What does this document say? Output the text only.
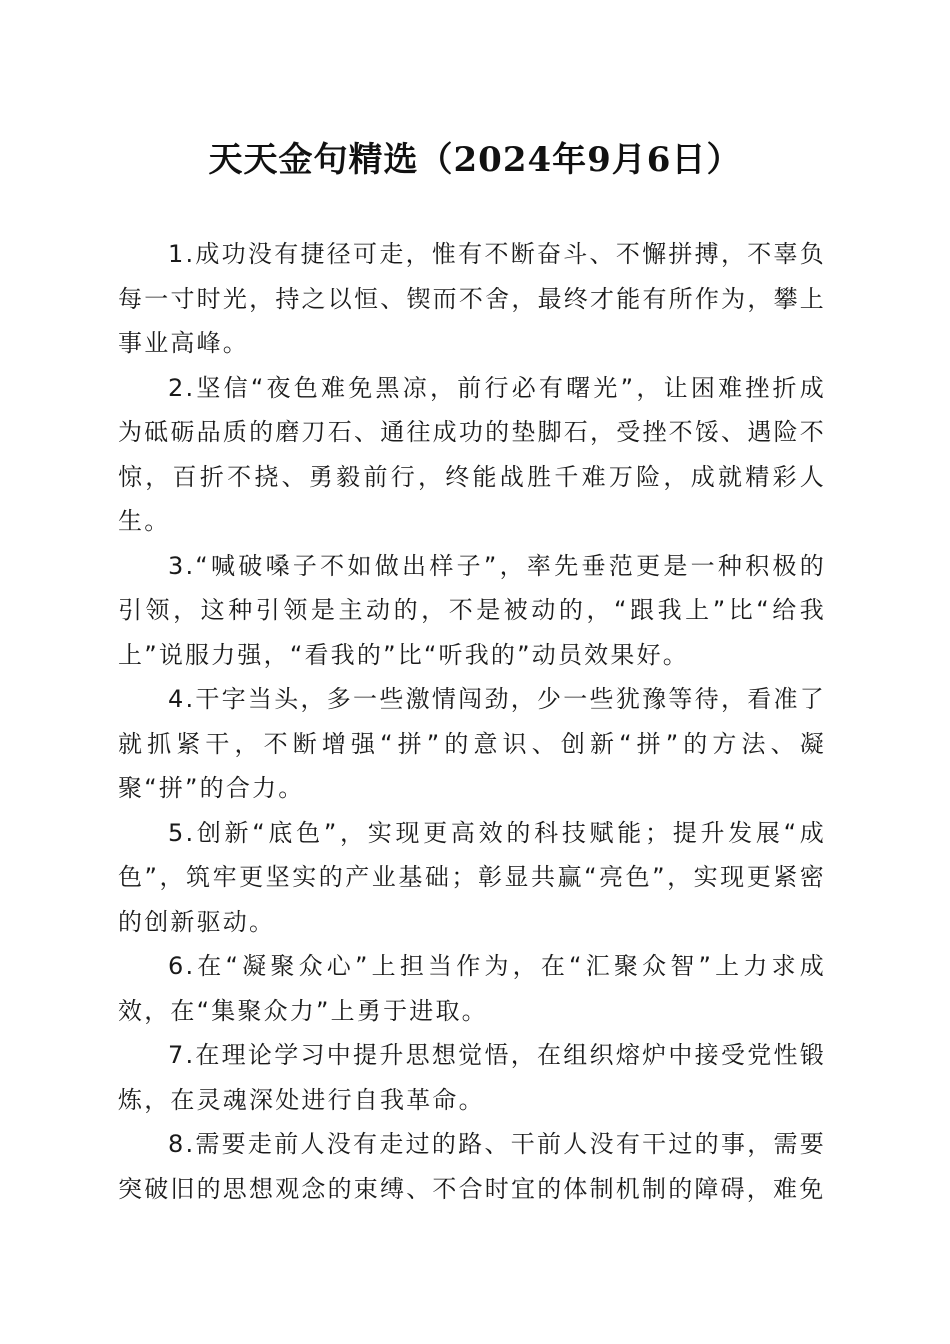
天天金句精选（2024年9月6日）

1.成功没有捷径可走，惟有不断奋斗、不懈拼搏，不辜负每一寸时光，持之以恒、锲而不舍，最终才能有所作为，攀上事业高峰。

2.坚信“夜色难免黑凉，前行必有曙光”，让困难挫折成为砥砺品质的磨刀石、通往成功的垫脚石，受挫不馁、遇险不惊，百折不挠、勇毅前行，终能战胜千难万险，成就精彩人生。

3.“喊破嗓子不如做出样子”，率先垂范更是一种积极的引领，这种引领是主动的，不是被动的，“跟我上”比“给我上”说服力强，“看我的”比“听我的”动员效果好。

4.干字当头，多一些激情闯劲，少一些犹豫等待，看准了就抓紧干，不断增强“拼”的意识、创新“拼”的方法、凝聚“拼”的合力。

5.创新“底色”，实现更高效的科技赋能；提升发展“成色”，筑牢更坚实的产业基础；彰显共赢“亮色”，实现更紧密的创新驱动。

6.在“凝聚众心”上担当作为，在“汇聚众智”上力求成效，在“集聚众力”上勇于进取。

7.在理论学习中提升思想觉悟，在组织熔炉中接受党性锻炼，在灵魂深处进行自我革命。

8.需要走前人没有走过的路、干前人没有干过的事，需要突破旧的思想观念的束缚、不合时宜的体制机制的障碍，难免
